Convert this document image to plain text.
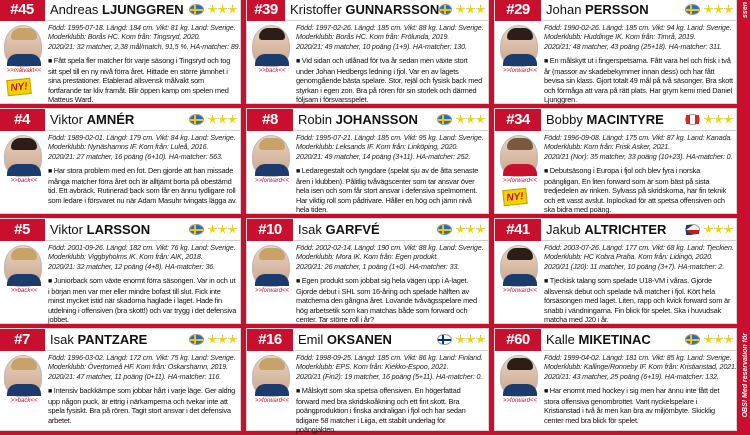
#45	Andreas LJUNGGREN
>>målvakt<<
NY!
Född: 1995-07-18. Längd: 184 cm. Vikt: 81 kg. Land: Sverige.
Moderklubb: Borås HC. Kom från: Tingsryd, 2020.
2020/21: 32 matcher, 2,38 mål/match, 91,5 %. HA-matcher: 89.
■ Fått spela fler matcher för varje säsong i Tingsryd och tog sitt spel till en ny nivå förra året. Hittade en större jämnhet i sina prestationer. Etablerad allsvensk målvakt som fortfarande tar kliv framåt. Blir öppen kamp om spelen med Matteus Ward.
#39 Kristoffer GUNNARSSON
>>back<<
Född: 1997-02-26. Längd: 185 cm. Vikt: 88 kg. Land: Sverige.
Moderklubb: Borås HC. Kom från: Frölunda, 2019.
2020/21: 49 matcher, 10 poäng (1+9). HA-matcher: 130.
■ Vid sidan och utlånad för tva år sedan men växte stort under Johan Hedbergs ledning i fjol. Var en av lagets genomgående bästa spelare. Stor, rejäl och fysisk back med styrkan i egen zon. Bra på rören för sin storlek och därmed följsam i försvarsspelet.
#29	Johan PERSSON
>>forward<<
Född: 1990-02-26. Längd: 185 cm. Vikt: 94 kg. Land: Sverige.
Moderklubb: Huddinge IK. Kom från: Timrå, 2019.
2020/21: 48 matcher, 43 poäng (25+18). HA-matcher: 311.
■ En målskytt ut i fingerspetsarna. Fått vara hel och frisk i två år (massor av skadebekymmer innan dess) och har fått bevisa sin klass. Gjort totalt 49 mål på två säsonger. Bra skott och förmåga att vara på rätt plats. Har grym kemi med Daniel Ljunggren.
#4	Viktor AMNÉR
>>back<<
Född: 1989-02-01. Längd: 179 cm. Vikt: 84 kg. Land: Sverige.
Moderklubb: Nynäshamns IF. Kom från: Luleå, 2016.
2020/21: 27 matcher, 16 poäng (6+10). HA-matcher: 563.
■ Har stora problem med en fot. Den gjorde att han missade många matcher förra året och är alltjämt borta på obestämd tid. Ett avbräck. Rutinerad back som får en ännu tydligare roll som ledare i försvaret nu när Adam Masuhr tvingats lägga av.
#8	Robin JOHANSSON
>>forward<<
Född: 1995-07-21. Längd: 185 cm. Vikt: 95 kg. Land: Sverige.
Moderklubb: Leksands IF. Kom från: Linköping, 2020.
2020/21: 49 matcher, 14 poäng (3+11). HA-matcher: 252.
■ Ledaregestalt och tyngdare (spelat sju av de åtta senaste åren i klubben). Pålitlig tvåvägscenter som tar ansvar över hela isen och som får stort ansvar i defensiva spelmoment. Har viktig roll som pådrivare. Håller en hög och jämn nivå hela tiden.
#34	Bobby MACINTYRE
>>forward<<
NY!
Född: 1996-09-08. Längd: 175 cm. Vikt: 87 kg. Land: Kanada.
Moderklubb: Kom från: Frisk Asker, 2021.
2020/21 (Nor): 35 matcher, 33 poäng (10+23). HA-matcher: 0.
■ Debutsäsong i Europa i fjol och blev fyra i norska poängligan. En liten forward som är som bäst på sista tredjedelen av rinken. Sylvass på skridskorna, har fin teknik och ett vasst avslut. Inplockad för att spetsa offensiven och ska bidra med poäng.
#5	Viktor LARSSON
>>back<<
Född: 2001-09-26. Längd: 182 cm. Vikt: 76 kg. Land: Sverige.
Moderklubb: Viggbyholms IK. Kom från: AIK, 2018.
2020/21: 32 matcher, 12 poäng (4+8). HA-matcher: 36.
■ Juniorback som växte enormt förra säsongen. Var in och ut i början men var mer eller mindre bofast till slut. Fick inte minst mycket istid när skadorna haglade i laget. Hade fin utdelning i offensiven (bra skott!) och var trygg i det defensiva jobbet.
#10	Isak GARFVÉ
>>forward<<
Född: 2002-02-14. Längd: 190 cm. Vikt: 88 kg. Land: Sverige.
Moderklubb: Mora IK. Kom från: Egen produkt.
2020/21: 26 matcher, 1 poäng (1+0). HA-matcher: 33.
■ Egen produkt som jobbat sig hela vägen upp i A-laget. Gjorde debut i SHL som 16-åring och spelade hälften av matcherna den gångna året. Lovande tvåvägsspelare med hög arbetsetik som kan matchas både som forward och center. Tar större roll i år?
#41	Jakub ALTRICHTER
>>forward<<
Född: 2003-07-26. Längd: 177 cm. Vikt: 68 kg. Land: Tjeckien.
Moderklubb: HC Kobra Praha. Kom från: Lidingö, 2020.
2020/21 (J20): 11 matcher, 10 poäng (3+7). HA-matcher: 2.
■ Tjeckisk talang som spelade U18-VM i våras. Gjorde allsvensk debut och spelade två matcher i fjol. Kört hela försäsongen med laget. Liten, rapp och kvick forward som är snabb i vändningarna. Fin blick för spelet. Ska i huvudsak matcha med J20 i år.
#7	Isak PANTZARE
>>back<<
Född: 1996-03-02. Längd: 172 cm. Vikt: 75 kg. Land: Sverige.
Moderklubb: Övertorneå HF. Kom från: Oskarshamn, 2019.
2020/21: 47 matcher, 11 poäng (0+11). HA-matcher: 116.
■ Intensiv backkämpe som jobbar hårt i varje läge. Ger aldrig upp någon puck, är ettrig i närkamperna och tvekar inte att spela fysiskt. Bra på rören. Tagit stort ansvar i det defensiva arbetet.
#16	Emil OKSANEN
>>forward<<
Född: 1998-09-25. Längd: 185 cm. Vikt: 86 kg. Land: Finland.
Moderklubb: EPS. Kom från: Kiekko-Espoo, 2021.
2020/21 (Fin2): 19 matcher, 16 poäng (5+11). HA-matcher: 0.
■ Målskytt som ska spetsa offensiven. En högerfattad forward med bra skridskoåkning och ett fint skott. Bra poängproduktion i finska andraligan i fjol och har sedan tidigare 58 matcher i Liiga, ett stabilt underlag för poängjakten.
#60	Kalle MIKETINAC
>>forward<<
Född: 1999-04-02. Längd: 181 cm. Vikt: 85 kg. Land: Sverige.
Moderklubb: Kallinge/Ronneby IF. Kom från: Kristianstad, 2021.
2020/21: 43 matcher, 25 poäng (6+19). HA-matcher: 132.
■ Har enormt med hockey i sig men har ännu inte fått det stora offensiva genombrottet. Varit nyckelspelare i Kristianstad i två år men kan bra av miljömbyte. Skicklig center med bra blick för spelet.
ssen
OBS! Med reservation för
